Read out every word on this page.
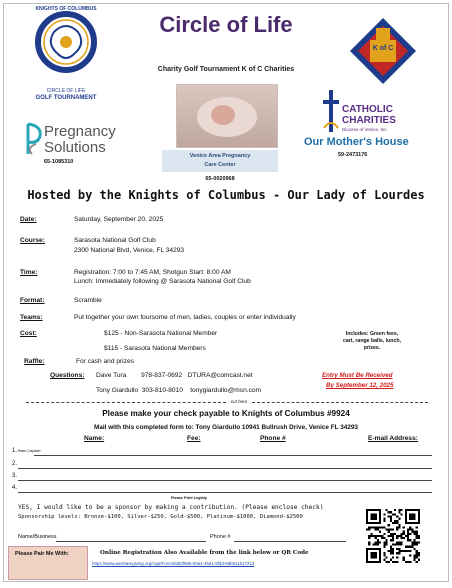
KNIGHTS OF COLUMBUS
CIRCLE OF LIFE
GOLF TOURNAMENT
Circle of Life
Charity Golf Tournament K of C Charities
K of C
Pregnancy
Solutions
65-1085310
Venice Area Pregnancy
Care Center
65-0020968
CATHOLIC
CHARITIES
Diocese of Venice, Inc.
Our Mother's House
59-2473176
Hosted by the Knights of Columbus - Our Lady of Lourdes
Date:	Saturday, September 20, 2025
Course:	Sarasota National Golf Club
2300 National Blvd, Venice, FL 34293
Time:	Registration: 7:00 to 7:45 AM, Shotgun Start: 8:00 AM
Lunch: Immediately following @ Sarasota National Golf Club
Format:	Scramble
Teams:	Put together your own foursome of men, ladies, couples or enter individually
Cost:	$125 - Non-Sarasota National Member
$115 - Sarasota National Members
Includes: Green fees,
cart, range balls, lunch,
prizes.
Raffle:	For cash and prizes
Questions: Dave Tura        978-837-0692   DTURA@comcast.net
Tony Giardullo  303-810-8010    tonygiardullo@msn.com
Entry Must Be Received
By September 12, 2025
cut here
Please make your check payable to Knights of Columbus #9924
Mail with this completed form to: Tony Giardullo 10941 Bullrush Drive, Venice FL 34293
Name:	Fee:	Phone #	E-mail Address:
1. Team Captain
2.
3.
4.
Please Print Legibly
YES, I would like to be a sponsor by making a contribution. (Please enclose check)
Sponsorship levels: Bronze-$100, Silver-$250, Gold-$500, Platinum-$1000, Diamond-$2500
Name/Business	Phone #
Please Pair Me With:	Online Registration Also Available from the link below or QR Code
https://www.wesharegiving.org/App/Form/ddd0f985-00a4-4bd1-8f3d-58b911b17213
